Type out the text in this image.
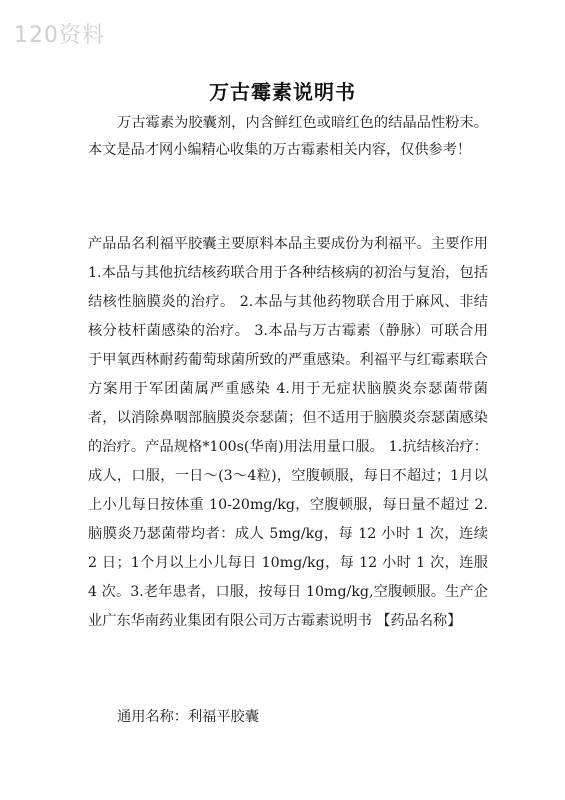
120资料
万古霉素说明书
万古霉素为胶囊剂，内含鲜红色或暗红色的结晶品性粉末。本文是品才网小编精心收集的万古霉素相关内容，仅供参考！
产品品名利福平胶囊主要原料本品主要成份为利福平。主要作用 1.本品与其他抗结核药联合用于各种结核病的初治与复治，包括结核性脑膜炎的治疗。 2.本品与其他药物联合用于麻风、非结核分枝杆菌感染的治疗。 3.本品与万古霉素（静脉）可联合用于甲氧西林耐药葡萄球菌所致的严重感染。利福平与红霉素联合方案用于军团菌属严重感染 4.用于无症状脑膜炎奈瑟菌带菌者，以消除鼻咽部脑膜炎奈瑟菌；但不适用于脑膜炎奈瑟菌感染的治疗。产品规格*100s(华南)用法用量口服。 1.抗结核治疗：成人，口服，一日～(3～4粒)，空腹顿服，每日不超过；1月以上小儿每日按体重 10-20mg/kg，空腹顿服，每日量不超过 2.脑膜炎乃瑟菌带均者：成人 5mg/kg，每 12 小时 1 次，连续 2 日；1个月以上小儿每日 10mg/kg，每 12 小时 1 次，连服 4 次。3.老年患者，口服，按每日 10mg/kg,空腹顿服。生产企业广东华南药业集团有限公司万古霉素说明书 【药品名称】
通用名称：利福平胶囊
